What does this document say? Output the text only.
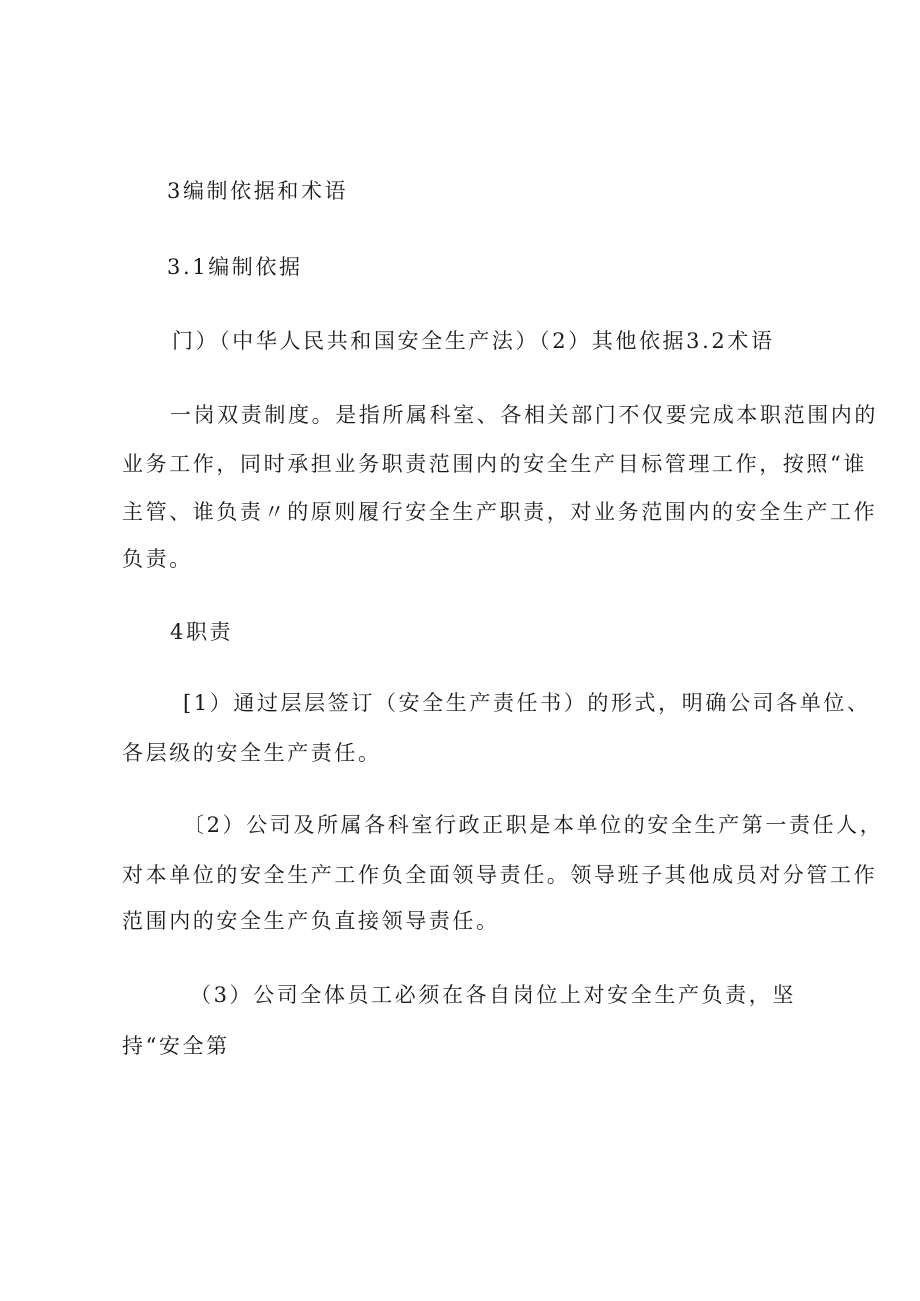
3编制依据和术语
3.1编制依据
门）（中华人民共和国安全生产法）（2）其他依据3.2术语
一岗双责制度。是指所属科室、各相关部门不仅要完成本职范围内的
业务工作，同时承担业务职责范围内的安全生产目标管理工作，按照“谁
主管、谁负责〃的原则履行安全生产职责，对业务范围内的安全生产工作
负责。
4职责
[1）通过层层签订（安全生产责任书）的形式，明确公司各单位、
各层级的安全生产责任。
〔2）公司及所属各科室行政正职是本单位的安全生产第一责任人，
对本单位的安全生产工作负全面领导责任。领导班子其他成员对分管工作
范围内的安全生产负直接领导责任。
（3）公司全体员工必须在各自岗位上对安全生产负责，坚
持“安全第
